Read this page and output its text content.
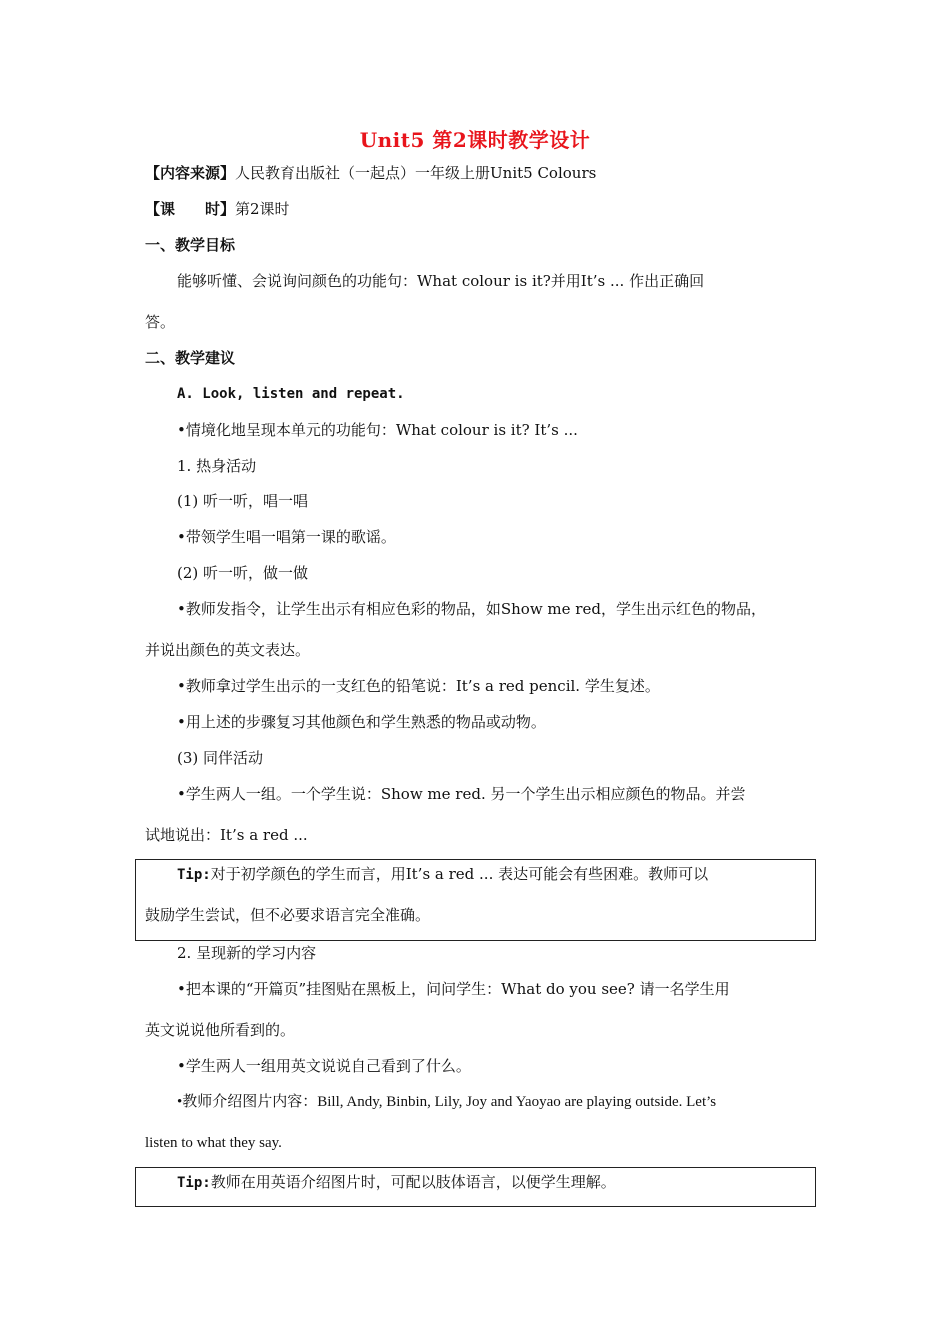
Unit5 第2课时教学设计
【内容来源】人民教育出版社（一起点）一年级上册Unit5 Colours
【课　　时】第2课时
一、教学目标
能够听懂、会说询问颜色的功能句：What colour is it?并用It’s ... 作出正确回
答。
二、教学建议
A. Look, listen and repeat.
•情境化地呈现本单元的功能句：What colour is it? It’s ...
1. 热身活动
(1) 听一听，唱一唱
•带领学生唱一唱第一课的歌谣。
(2) 听一听，做一做
•教师发指令，让学生出示有相应色彩的物品，如Show me red，学生出示红色的物品，
并说出颜色的英文表达。
•教师拿过学生出示的一支红色的铅笔说：It’s a red pencil. 学生复述。
•用上述的步骤复习其他颜色和学生熟悉的物品或动物。
(3) 同伴活动
•学生两人一组。一个学生说：Show me red. 另一个学生出示相应颜色的物品。并尝
试地说出：It’s a red ...
Tip:对于初学颜色的学生而言，用It’s a red ... 表达可能会有些困难。教师可以
鼓励学生尝试，但不必要求语言完全准确。
2. 呈现新的学习内容
•把本课的“开篇页”挂图贴在黑板上，问问学生：What do you see? 请一名学生用
英文说说他所看到的。
•学生两人一组用英文说说自己看到了什么。
•教师介绍图片内容：Bill, Andy, Binbin, Lily, Joy and Yaoyao are playing outside. Let’s
listen to what they say.
Tip:教师在用英语介绍图片时，可配以肢体语言，以便学生理解。
